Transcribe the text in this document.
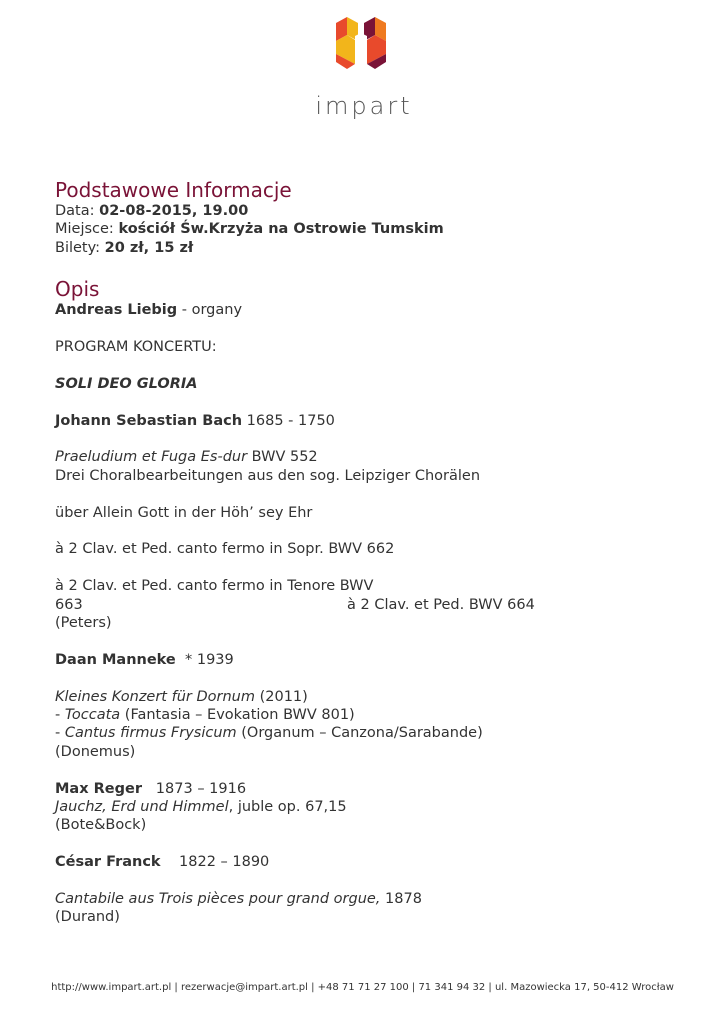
impart
Podstawowe Informacje

Data: 02-08-2015, 19.00

Miejsce: kościół Św.Krzyża na Ostrowie Tumskim

Bilety: 20 zł, 15 zł

Opis

Andreas Liebig - organy

PROGRAM KONCERTU:

SOLI DEO GLORIA

Johann Sebastian Bach 1685 - 1750

Praeludium et Fuga Es-dur BWV 552

Drei Choralbearbeitungen aus den sog. Leipziger Chorälen

über Allein Gott in der Höh’ sey Ehr

à 2 Clav. et Ped. canto fermo in Sopr. BWV 662

à 2 Clav. et Ped. canto fermo in Tenore BWV

663	à 2 Clav. et Ped. BWV 664

(Peters)

Daan Manneke  * 1939

Kleines Konzert für Dornum (2011)

- Toccata (Fantasia – Evokation BWV 801)

- Cantus firmus Frysicum (Organum – Canzona/Sarabande)

(Donemus)

Max Reger   1873 – 1916

Jauchz, Erd und Himmel, juble op. 67,15

(Bote&Bock)

César Franck    1822 – 1890

Cantabile aus Trois pièces pour grand orgue, 1878

(Durand)

http://www.impart.art.pl | rezerwacje@impart.art.pl | +48 71 71 27 100 | 71 341 94 32 | ul. Mazowiecka 17, 50-412 Wrocław
